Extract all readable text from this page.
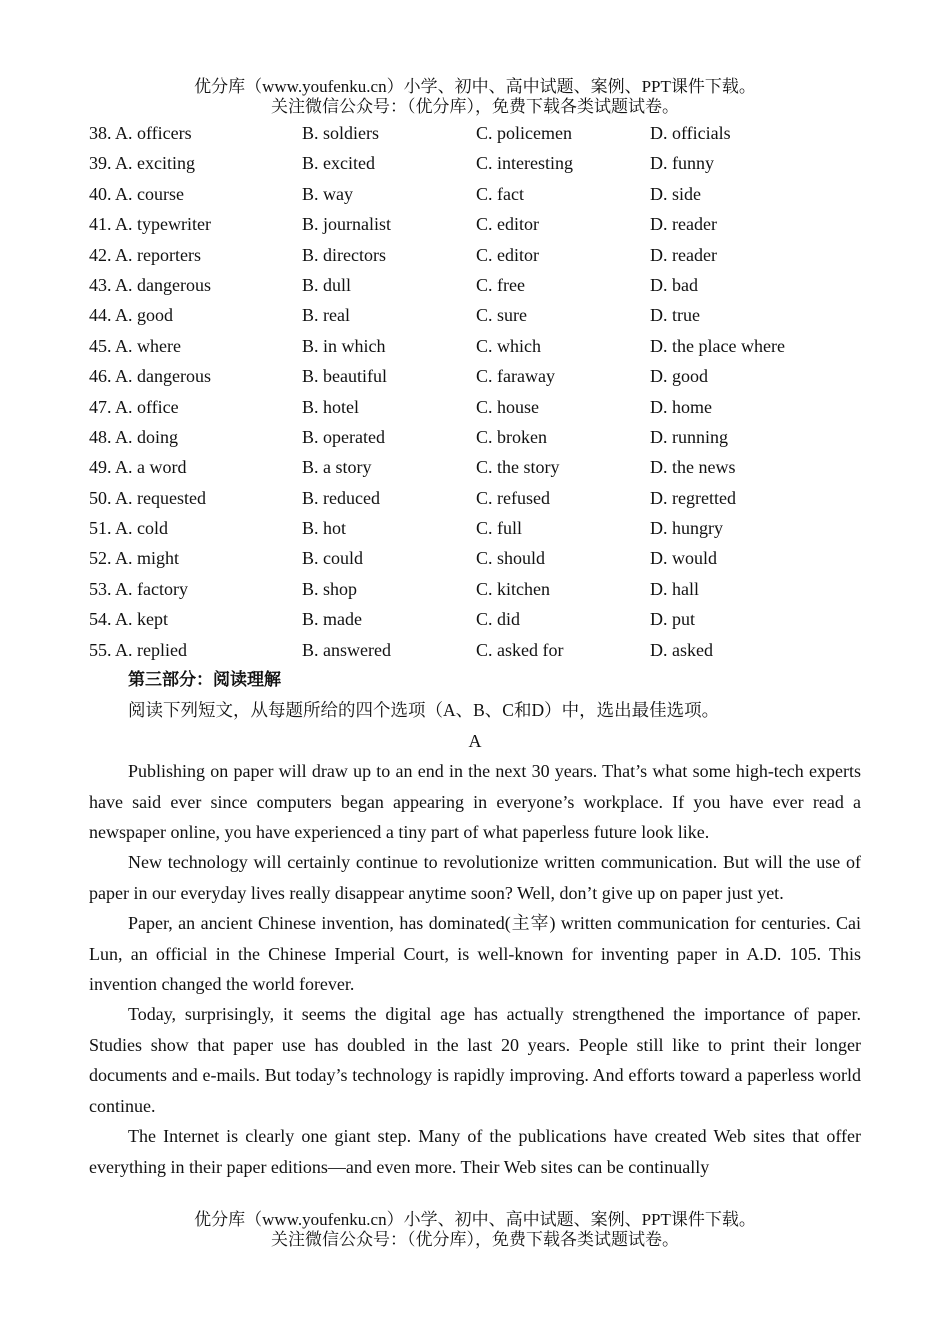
优分库（www.youfenku.cn）小学、初中、高中试题、案例、PPT课件下载。
关注微信公众号：（优分库），免费下载各类试题试卷。
38. A. officers	B. soldiers	C. policemen	D. officials
39. A. exciting	B. excited	C. interesting	D. funny
40. A. course	B. way	C. fact	D. side
41. A. typewriter	B. journalist	C. editor	D. reader
42. A. reporters	B. directors	C. editor	D. reader
43. A. dangerous	B. dull	C. free	D. bad
44. A. good	B. real	C. sure	D. true
45. A. where	B. in which	C. which	D. the place where
46. A. dangerous	B. beautiful	C. faraway	D. good
47. A. office	B. hotel	C. house	D. home
48. A. doing	B. operated	C. broken	D. running
49. A. a word	B. a story	C. the story	D. the news
50. A. requested	B. reduced	C. refused	D. regretted
51. A. cold	B. hot	C. full	D. hungry
52. A. might	B. could	C. should	D. would
53. A. factory	B. shop	C. kitchen	D. hall
54. A. kept	B. made	C. did	D. put
55. A. replied	B. answered	C. asked for	D. asked
第三部分：阅读理解
阅读下列短文，从每题所给的四个选项（A、B、C和D）中，选出最佳选项。
A

Publishing on paper will draw up to an end in the next 30 years. That’s what some high-tech experts have said ever since computers began appearing in everyone’s workplace. If you have ever read a newspaper online, you have experienced a tiny part of what paperless future look like.

New technology will certainly continue to revolutionize written communication. But will the use of paper in our everyday lives really disappear anytime soon? Well, don’t give up on paper just yet.

Paper, an ancient Chinese invention, has dominated(主宰) written communication for centuries. Cai Lun, an official in the Chinese Imperial Court, is well-known for inventing paper in A.D. 105. This invention changed the world forever.

Today, surprisingly, it seems the digital age has actually strengthened the importance of paper. Studies show that paper use has doubled in the last 20 years. People still like to print their longer documents and e-mails. But today’s technology is rapidly improving. And efforts toward a paperless world continue.

The Internet is clearly one giant step. Many of the publications have created Web sites that offer everything in their paper editions—and even more. Their Web sites can be continually

优分库（www.youfenku.cn）小学、初中、高中试题、案例、PPT课件下载。
关注微信公众号：（优分库），免费下载各类试题试卷。
